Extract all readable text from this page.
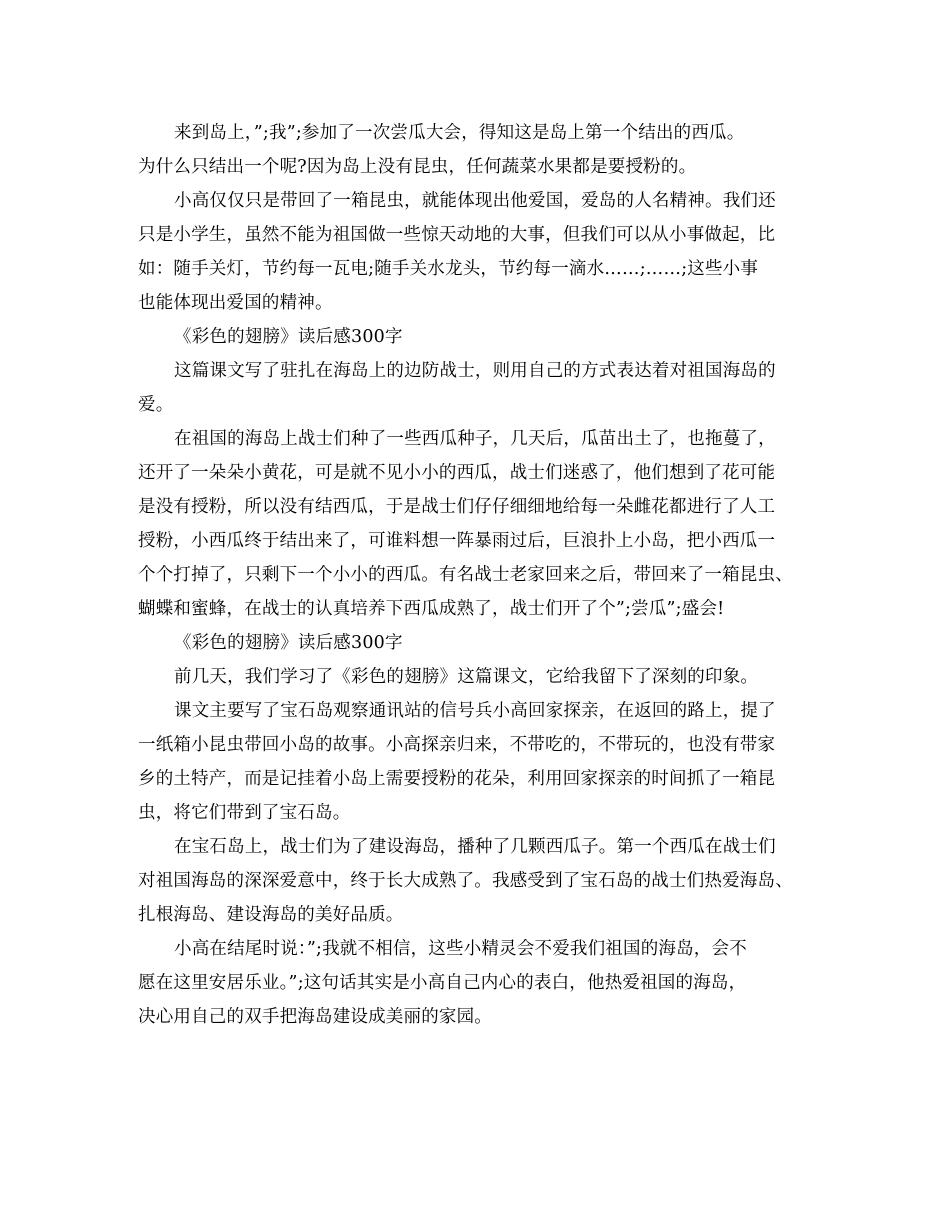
来到岛上，”;我”;参加了一次尝瓜大会，得知这是岛上第一个结出的西瓜。
为什么只结出一个呢?因为岛上没有昆虫，任何蔬菜水果都是要授粉的。
小高仅仅只是带回了一箱昆虫，就能体现出他爱国，爱岛的人名精神。我们还
只是小学生，虽然不能为祖国做一些惊天动地的大事，但我们可以从小事做起，比
如：随手关灯，节约每一瓦电;随手关水龙头，节约每一滴水……;……;这些小事
也能体现出爱国的精神。
《彩色的翅膀》读后感300字
这篇课文写了驻扎在海岛上的边防战士，则用自己的方式表达着对祖国海岛的
爱。
在祖国的海岛上战士们种了一些西瓜种子，几天后，瓜苗出土了，也拖蔓了，
还开了一朵朵小黄花，可是就不见小小的西瓜，战士们迷惑了，他们想到了花可能
是没有授粉，所以没有结西瓜，于是战士们仔仔细细地给每一朵雌花都进行了人工
授粉，小西瓜终于结出来了，可谁料想一阵暴雨过后，巨浪扑上小岛，把小西瓜一
个个打掉了，只剩下一个小小的西瓜。有名战士老家回来之后，带回来了一箱昆虫、
蝴蝶和蜜蜂，在战士的认真培养下西瓜成熟了，战士们开了个”;尝瓜”;盛会!
《彩色的翅膀》读后感300字
前几天，我们学习了《彩色的翅膀》这篇课文，它给我留下了深刻的印象。
课文主要写了宝石岛观察通讯站的信号兵小高回家探亲，在返回的路上，提了
一纸箱小昆虫带回小岛的故事。小高探亲归来，不带吃的，不带玩的，也没有带家
乡的土特产，而是记挂着小岛上需要授粉的花朵，利用回家探亲的时间抓了一箱昆
虫，将它们带到了宝石岛。
在宝石岛上，战士们为了建设海岛，播种了几颗西瓜子。第一个西瓜在战士们
对祖国海岛的深深爱意中，终于长大成熟了。我感受到了宝石岛的战士们热爱海岛、
扎根海岛、建设海岛的美好品质。
小高在结尾时说：”;我就不相信，这些小精灵会不爱我们祖国的海岛，会不
愿在这里安居乐业。”;这句话其实是小高自己内心的表白，他热爱祖国的海岛，
决心用自己的双手把海岛建设成美丽的家园。
